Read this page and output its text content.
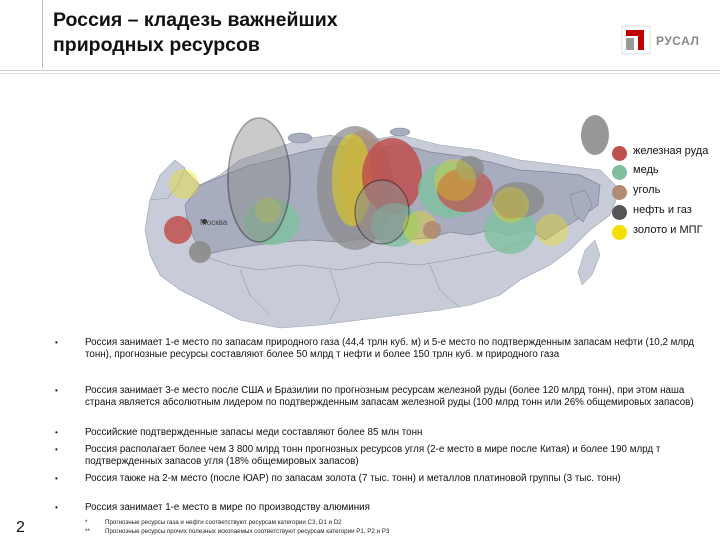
Россия – кладезь важнейших
природных ресурсов	РУСАЛ
Москва
железная руда
медь
уголь
нефть и газ
золото и МПГ
•	Россия занимает 1-е место по запасам природного газа (44,4 трлн куб. м) и 5-е место по подтвержденным запасам нефти (10,2 млрд тонн), прогнозные ресурсы составляют более 50 млрд т нефти и более 150 трлн куб. м природного газа
•	Россия занимает 3-е место после США и Бразилии по прогнозным ресурсам железной руды (более 120 млрд тонн), при этом наша страна является абсолютным лидером по подтвержденным запасам железной руды (100 млрд тонн или 26% общемировых запасов)
•	Российские подтвержденные запасы меди составляют более 85 млн тонн
•	Россия располагает более чем 3 800 млрд тонн прогнозных ресурсов угля (2-е место в мире после Китая) и более 190 млрд т подтвержденных запасов угля (18% общемировых запасов)
•	Россия также на 2-м место (после ЮАР) по запасам золота (7 тыс. тонн) и металлов платиновой группы (3 тыс. тонн)
•	Россия занимает 1-е место в мире по производству алюминия
2	*	Прогнозные ресурсы газа и нефти соответствуют ресурсам категории C3, D1 и D2
** Прогнозные ресурсы прочих полезных ископаемых соответствуют ресурсам категории P1, P2 и P3
